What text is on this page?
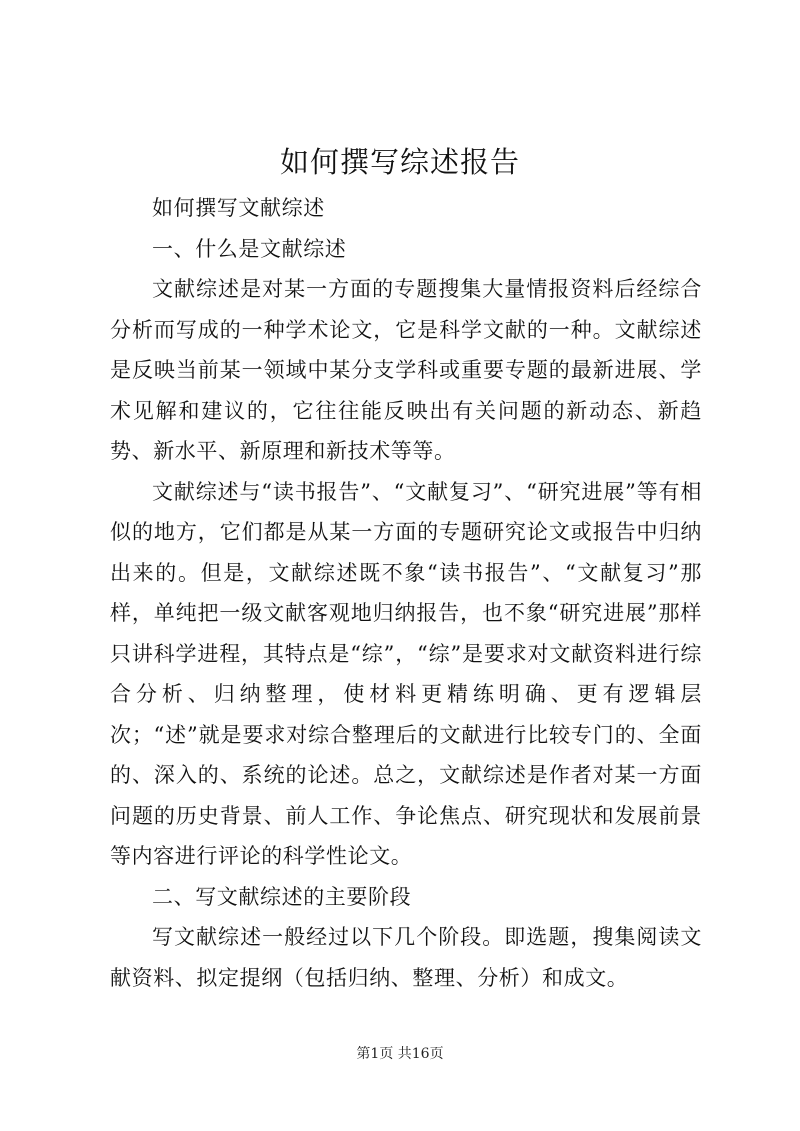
如何撰写综述报告

如何撰写文献综述

一、什么是文献综述

文献综述是对某一方面的专题搜集大量情报资料后经综合分析而写成的一种学术论文，它是科学文献的一种。文献综述是反映当前某一领域中某分支学科或重要专题的最新进展、学术见解和建议的，它往往能反映出有关问题的新动态、新趋势、新水平、新原理和新技术等等。

文献综述与“读书报告”、“文献复习”、“研究进展”等有相似的地方，它们都是从某一方面的专题研究论文或报告中归纳出来的。但是，文献综述既不象“读书报告”、“文献复习”那样，单纯把一级文献客观地归纳报告，也不象“研究进展”那样只讲科学进程，其特点是“综”，“综”是要求对文献资料进行综合分析、归纳整理，使材料更精练明确、更有逻辑层次；“述”就是要求对综合整理后的文献进行比较专门的、全面的、深入的、系统的论述。总之，文献综述是作者对某一方面问题的历史背景、前人工作、争论焦点、研究现状和发展前景等内容进行评论的科学性论文。

二、写文献综述的主要阶段

写文献综述一般经过以下几个阶段。即选题，搜集阅读文献资料、拟定提纲（包括归纳、整理、分析）和成文。

第1页 共16页
